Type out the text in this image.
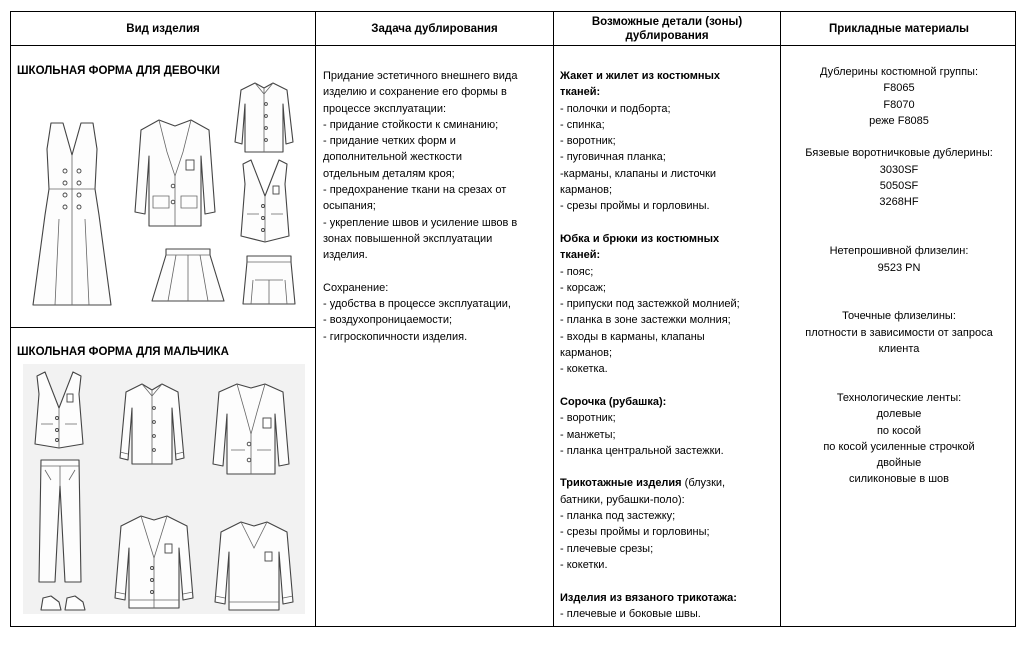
Вид изделия	Задача дублирования
Возможные детали (зоны)
дублирования
Прикладные материалы
ШКОЛЬНАЯ ФОРМА ДЛЯ ДЕВОЧКИ
ШКОЛЬНАЯ ФОРМА ДЛЯ МАЛЬЧИКА
Придание эстетичного внешнего вида
изделию и сохранение его формы в
процессе эксплуатации:
- придание стойкости к сминанию;
- придание четких форм и
дополнительной жесткости
отдельным деталям кроя;
- предохранение ткани на срезах от
осыпания;
- укрепление швов и усиление швов в
зонах повышенной эксплуатации
изделия.
Сохранение:
- удобства в процессе эксплуатации,
- воздухопроницаемости;
- гигроскопичности изделия.
Жакет и жилет из костюмных
тканей:
- полочки и подборта;
- спинка;
- воротник;
- пуговичная планка;
-карманы, клапаны и листочки
карманов;
- срезы проймы и горловины.
Юбка и брюки из костюмных
тканей:
- пояс;
- корсаж;
- припуски под застежкой молнией;
- планка в зоне застежки молния;
- входы в карманы, клапаны
карманов;
- кокетка.
Сорочка (рубашка):
- воротник;
- манжеты;
- планка центральной застежки.
Трикотажные изделия (блузки,
батники, рубашки-поло):
- планка под застежку;
- срезы проймы и горловины;
- плечевые срезы;
- кокетки.
Изделия из вязаного трикотажа:
- плечевые и боковые швы.
Дублерины костюмной группы:
F8065
F8070
реже F8085
Бязевые воротничковые дублерины:
3030SF
5050SF
3268HF
Нетепрошивной флизелин:
9523 PN
Точечные флизелины:
плотности в зависимости от запроса
клиента
Технологические ленты:
долевые
по косой
по косой усиленные строчкой
двойные
силиконовые в шов
